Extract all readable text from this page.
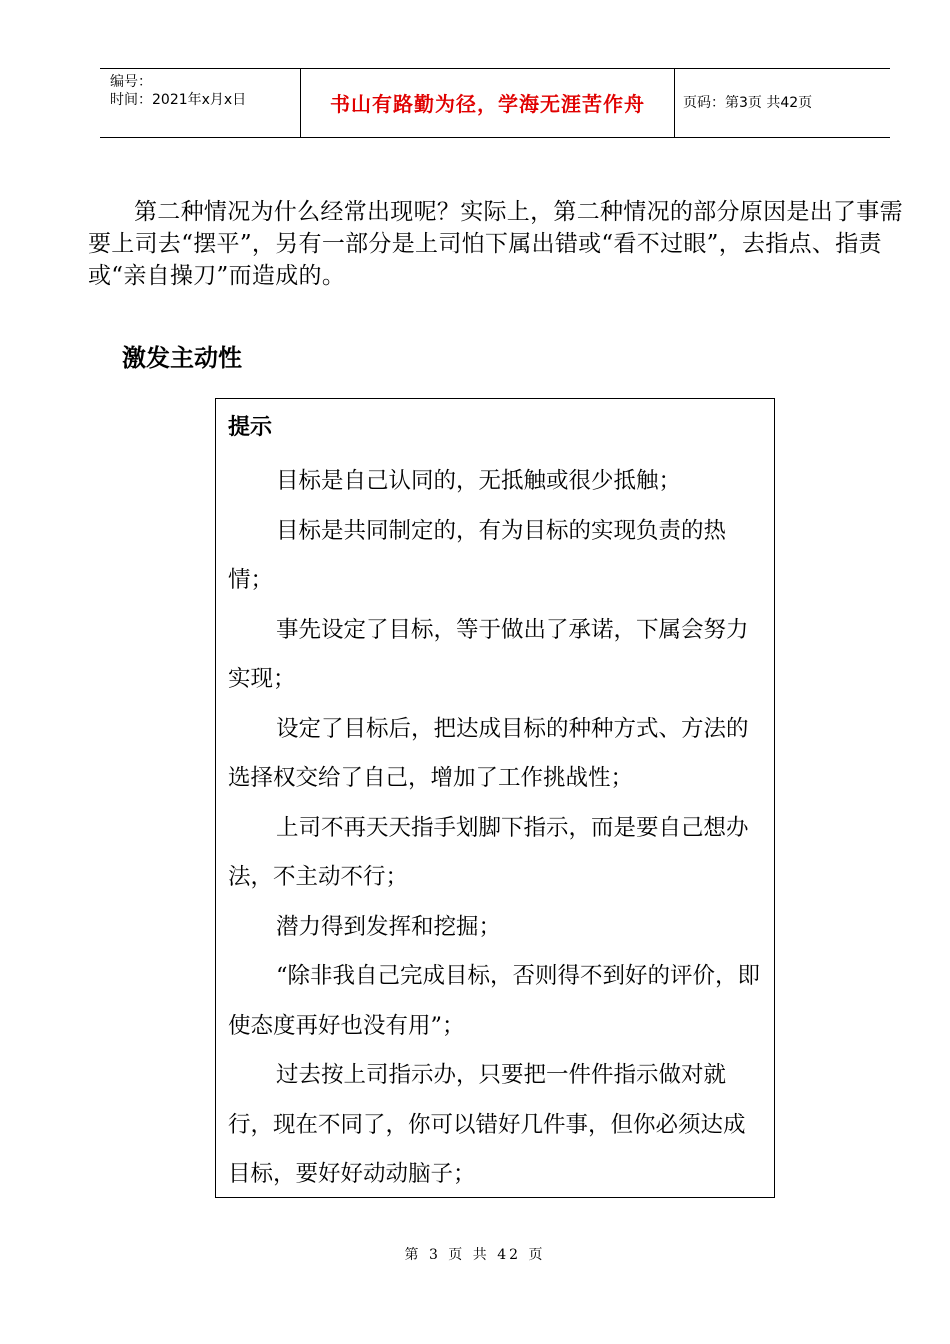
编号：
时间：2021年x月x日	书山有路勤为径，学海无涯苦作舟	页码：第3页 共42页

第二种情况为什么经常出现呢？实际上，第二种情况的部分原因是出了事需要上司去“摆平”，另有一部分是上司怕下属出错或“看不过眼”，去指点、指责或“亲自操刀”而造成的。

激发主动性
提示
目标是自己认同的，无抵触或很少抵触；
目标是共同制定的，有为目标的实现负责的热情；
事先设定了目标，等于做出了承诺，下属会努力实现；
设定了目标后，把达成目标的种种方式、方法的选择权交给了自己，增加了工作挑战性；
上司不再天天指手划脚下指示，而是要自己想办法，不主动不行；
潜力得到发挥和挖掘；
“除非我自己完成目标，否则得不到好的评价，即使态度再好也没有用”；
过去按上司指示办，只要把一件件指示做对就行，现在不同了，你可以错好几件事，但你必须达成目标，要好好动动脑子；
第 3 页 共 42 页
